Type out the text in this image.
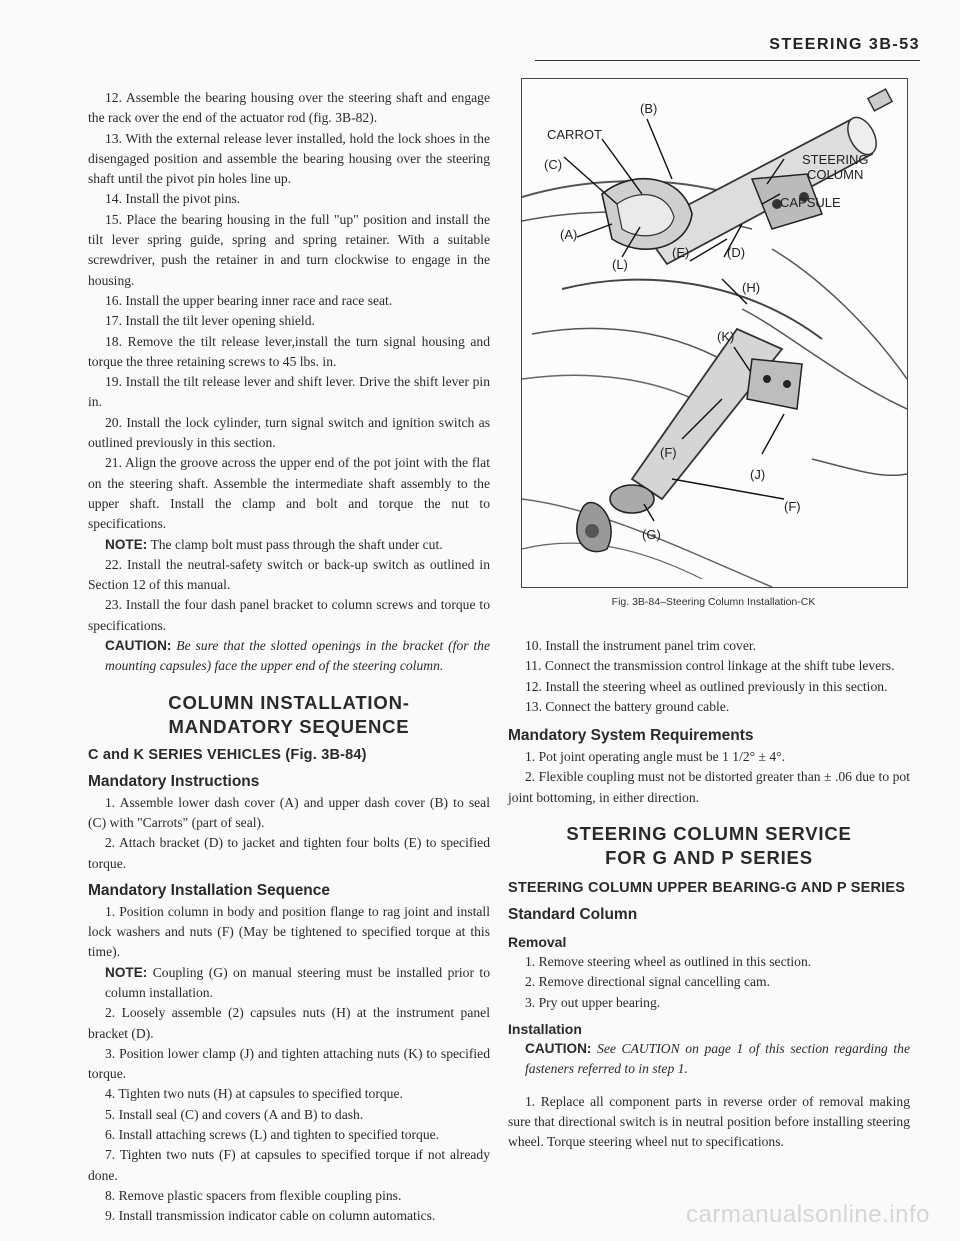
STEERING 3B-53

12. Assemble the bearing housing over the steering shaft and engage the rack over the end of the actuator rod (fig. 3B-82).

13. With the external release lever installed, hold the lock shoes in the disengaged position and assemble the bearing housing over the steering shaft until the pivot pin holes line up.

14. Install the pivot pins.

15. Place the bearing housing in the full "up" position and install the tilt lever spring guide, spring and spring retainer. With a suitable screwdriver, push the retainer in and turn clockwise to engage in the housing.

16. Install the upper bearing inner race and race seat.

17. Install the tilt lever opening shield.

18. Remove the tilt release lever,install the turn signal housing and torque the three retaining screws to 45 lbs. in.

19. Install the tilt release lever and shift lever. Drive the shift lever pin in.

20. Install the lock cylinder, turn signal switch and ignition switch as outlined previously in this section.

21. Align the groove across the upper end of the pot joint with the flat on the steering shaft. Assemble the intermediate shaft assembly to the upper shaft. Install the clamp and bolt and torque the nut to specifications.

NOTE: The clamp bolt must pass through the shaft under cut.

22. Install the neutral-safety switch or back-up switch as outlined in Section 12 of this manual.

23. Install the four dash panel bracket to column screws and torque to specifications.

CAUTION: Be sure that the slotted openings in the bracket (for the mounting capsules) face the upper end of the steering column.

COLUMN INSTALLATION-
MANDATORY SEQUENCE
C and K SERIES VEHICLES (Fig. 3B-84)
Mandatory Instructions

1. Assemble lower dash cover (A) and upper dash cover (B) to seal (C) with "Carrots" (part of seal).

2. Attach bracket (D) to jacket and tighten four bolts (E) to specified torque.

Mandatory Installation Sequence

1. Position column in body and position flange to rag joint and install lock washers and nuts (F) (May be tightened to specified torque at this time).

NOTE: Coupling (G) on manual steering must be installed prior to column installation.

2. Loosely assemble (2) capsules nuts (H) at the instrument panel bracket (D).

3. Position lower clamp (J) and tighten attaching nuts (K) to specified torque.

4. Tighten two nuts (H) at capsules to specified torque.

5. Install seal (C) and covers (A and B) to dash.

6. Install attaching screws (L) and tighten to specified torque.

7. Tighten two nuts (F) at capsules to specified torque if not already done.

8. Remove plastic spacers from flexible coupling pins.

9. Install transmission indicator cable on column automatics.

(B)
CARROT
(C)
(A)
(L)
(E)	(D)
STEERING
COLUMN
CAPSULE
(H)
(K)
(F)
(J)
(F)
(G)
Fig. 3B-84–Steering Column Installation-CK

10. Install the instrument panel trim cover.

11. Connect the transmission control linkage at the shift tube levers.

12. Install the steering wheel as outlined previously in this section.

13. Connect the battery ground cable.

Mandatory System Requirements

1. Pot joint operating angle must be 1 1/2° ± 4°.

2. Flexible coupling must not be distorted greater than ± .06 due to pot joint bottoming, in either direction.

STEERING COLUMN SERVICE
FOR G AND P SERIES
STEERING COLUMN UPPER BEARING-G AND P SERIES
Standard Column
Removal

1. Remove steering wheel as outlined in this section.

2. Remove directional signal cancelling cam.

3. Pry out upper bearing.

Installation

CAUTION: See CAUTION on page 1 of this section regarding the fasteners referred to in step 1.

1. Replace all component parts in reverse order of removal making sure that directional switch is in neutral position before installing steering wheel. Torque steering wheel nut to specifications.

carmanualsonline.info
